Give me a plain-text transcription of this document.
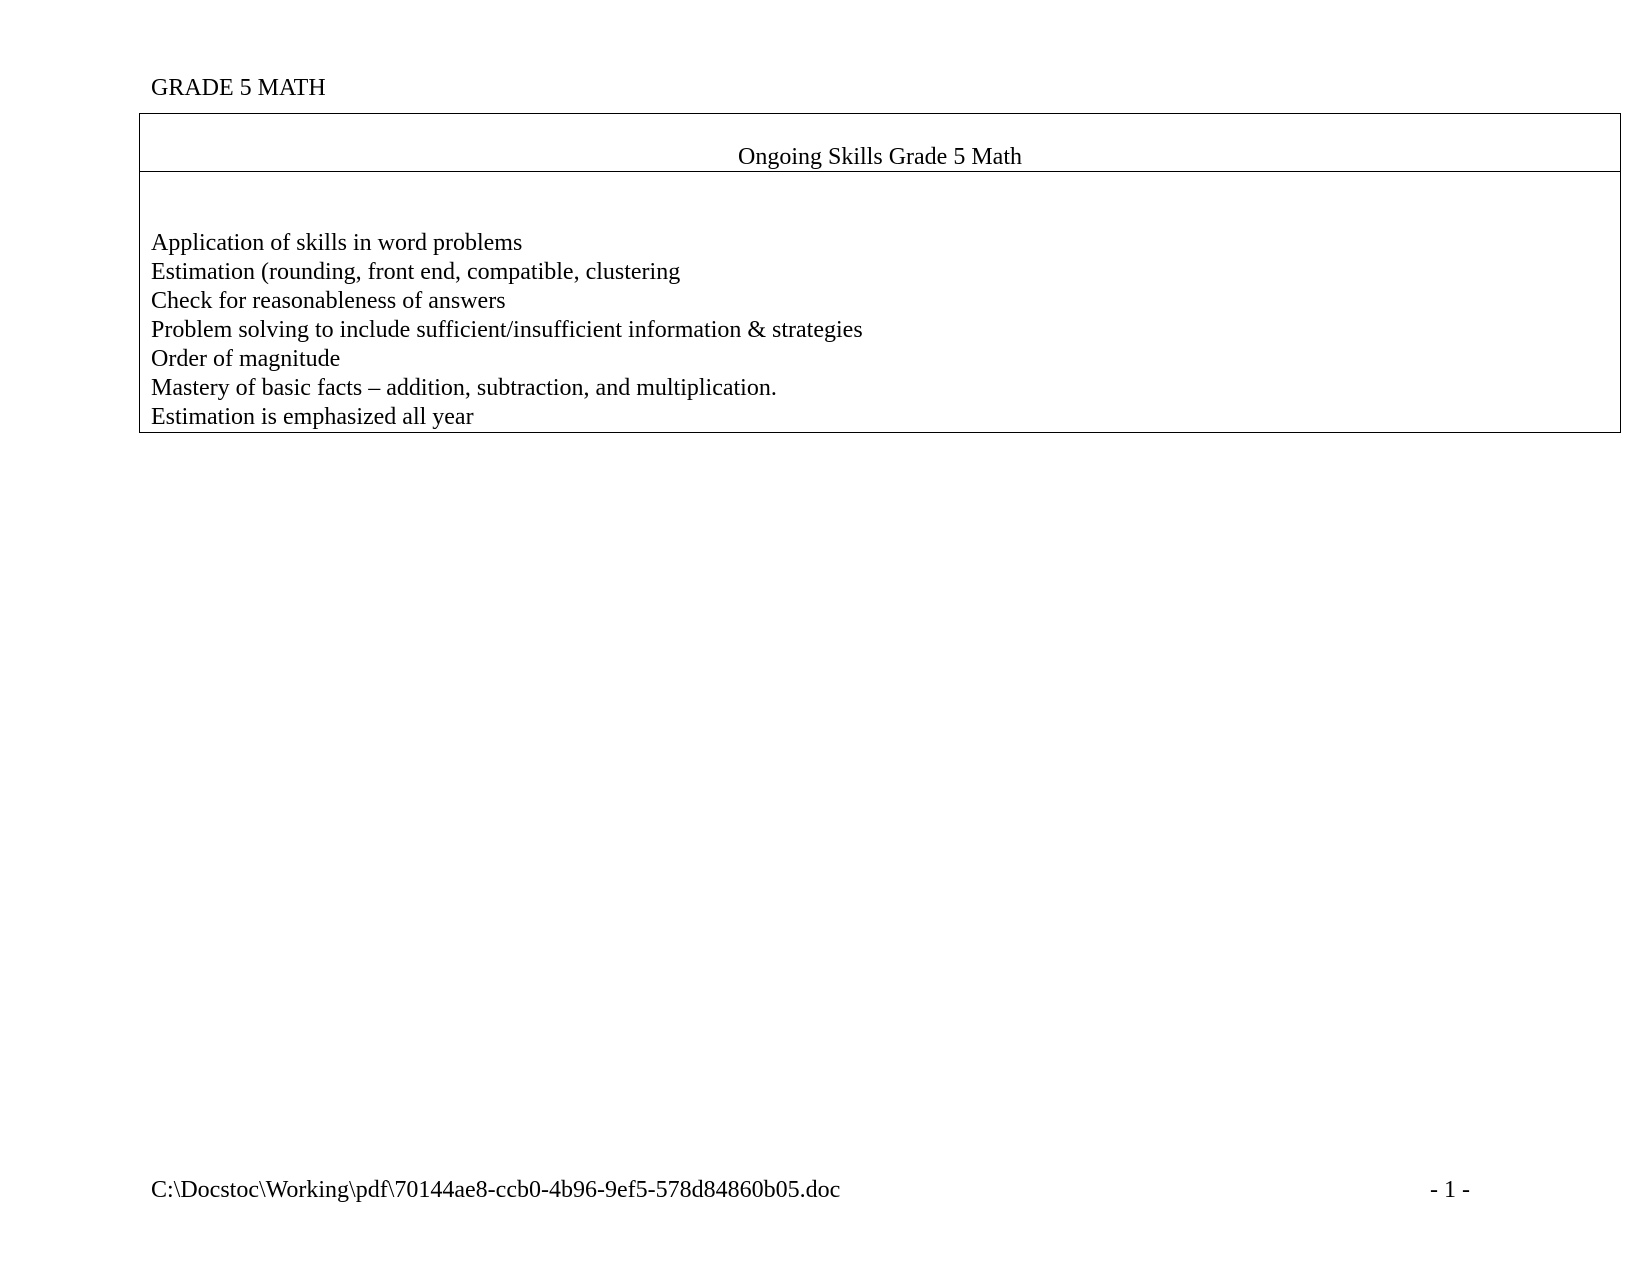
GRADE 5 MATH
Ongoing Skills Grade 5 Math
Application of skills in word problems
Estimation (rounding, front end, compatible, clustering
Check for reasonableness of answers
Problem solving to include sufficient/insufficient information & strategies
Order of magnitude
Mastery of basic facts – addition, subtraction, and multiplication.
Estimation is emphasized all year
C:\Docstoc\Working\pdf\70144ae8-ccb0-4b96-9ef5-578d84860b05.doc	- 1 -
